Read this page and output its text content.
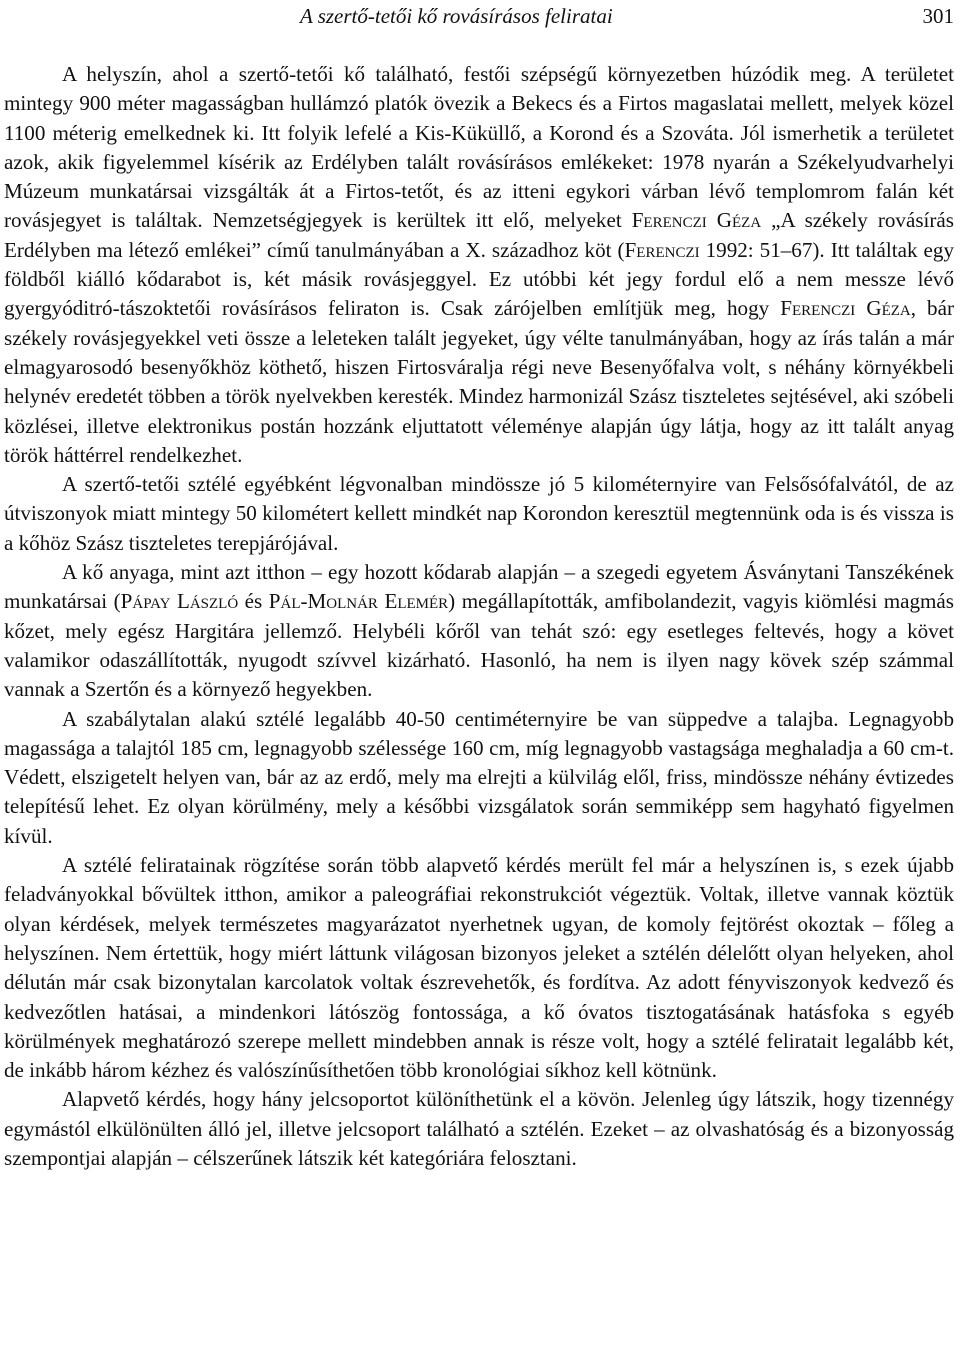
A szertő-tetői kő rovásírásos feliratai	301

A helyszín, ahol a szertő-tetői kő található, festői szépségű környezetben húzódik meg. A területet mintegy 900 méter magasságban hullámzó platók övezik a Bekecs és a Firtos magaslatai mellett, melyek közel 1100 méterig emelkednek ki. Itt folyik lefelé a Kis-Küküllő, a Korond és a Szováta. Jól ismerhetik a területet azok, akik figyelemmel kísérik az Erdélyben talált rovásírásos emlékeket: 1978 nyarán a Székelyudvarhelyi Múzeum munkatársai vizsgálták át a Firtos-tetőt, és az itteni egykori várban lévő templomrom falán két rovásjegyet is találtak. Nemzetségjegyek is kerültek itt elő, melyeket Ferenczi Géza „A székely rovásírás Erdélyben ma létező emlékei” című tanulmányában a X. századhoz köt (Ferenczi 1992: 51–67). Itt találtak egy földből kiálló kődarabot is, két másik rovásjeggyel. Ez utóbbi két jegy fordul elő a nem messze lévő gyergyóditró-tászoktetői rovásírásos feliraton is. Csak zárójelben említjük meg, hogy Ferenczi Géza, bár székely rovásjegyekkel veti össze a leleteken talált jegyeket, úgy vélte tanulmányában, hogy az írás talán a már elmagyarosodó besenyőkhöz köthető, hiszen Firtosváralja régi neve Besenyőfalva volt, s néhány környékbeli helynév eredetét többen a török nyelvekben keresték. Mindez harmonizál Szász tiszteletes sejtésével, aki szóbeli közlései, illetve elektronikus postán hozzánk eljuttatott véleménye alapján úgy látja, hogy az itt talált anyag török háttérrel rendelkezhet.

A szertő-tetői sztélé egyébként légvonalban mindössze jó 5 kilométernyire van Felsősófalvától, de az útviszonyok miatt mintegy 50 kilométert kellett mindkét nap Korondon keresztül megtennünk oda is és vissza is a kőhöz Szász tiszteletes terepjárójával.

A kő anyaga, mint azt itthon – egy hozott kődarab alapján – a szegedi egyetem Ásványtani Tanszékének munkatársai (Pápay László és Pál-Molnár Elemér) megállapították, amfibolandezit, vagyis kiömlési magmás kőzet, mely egész Hargitára jellemző. Helybéli kőről van tehát szó: egy esetleges feltevés, hogy a követ valamikor odaszállították, nyugodt szívvel kizárható. Hasonló, ha nem is ilyen nagy kövek szép számmal vannak a Szertőn és a környező hegyekben.

A szabálytalan alakú sztélé legalább 40-50 centiméternyire be van süppedve a talajba. Legnagyobb magassága a talajtól 185 cm, legnagyobb szélessége 160 cm, míg legnagyobb vastagsága meghaladja a 60 cm-t. Védett, elszigetelt helyen van, bár az az erdő, mely ma elrejti a külvilág elől, friss, mindössze néhány évtizedes telepítésű lehet. Ez olyan körülmény, mely a későbbi vizsgálatok során semmiképp sem hagyható figyelmen kívül.

A sztélé feliratainak rögzítése során több alapvető kérdés merült fel már a helyszínen is, s ezek újabb feladványokkal bővültek itthon, amikor a paleográfiai rekonstrukciót végeztük. Voltak, illetve vannak köztük olyan kérdések, melyek természetes magyarázatot nyerhetnek ugyan, de komoly fejtörést okoztak – főleg a helyszínen. Nem értettük, hogy miért láttunk világosan bizonyos jeleket a sztélén délelőtt olyan helyeken, ahol délután már csak bizonytalan karcolatok voltak észrevehetők, és fordítva. Az adott fényviszonyok kedvező és kedvezőtlen hatásai, a mindenkori látószög fontossága, a kő óvatos tisztogatásának hatásfoka s egyéb körülmények meghatározó szerepe mellett mindebben annak is része volt, hogy a sztélé feliratait legalább két, de inkább három kézhez és valószínűsíthetően több kronológiai síkhoz kell kötnünk.

Alapvető kérdés, hogy hány jelcsoportot különíthetünk el a kövön. Jelenleg úgy látszik, hogy tizennégy egymástól elkülönülten álló jel, illetve jelcsoport található a sztélén. Ezeket – az olvashatóság és a bizonyosság szempontjai alapján – célszerűnek látszik két kategóriára felosztani.
